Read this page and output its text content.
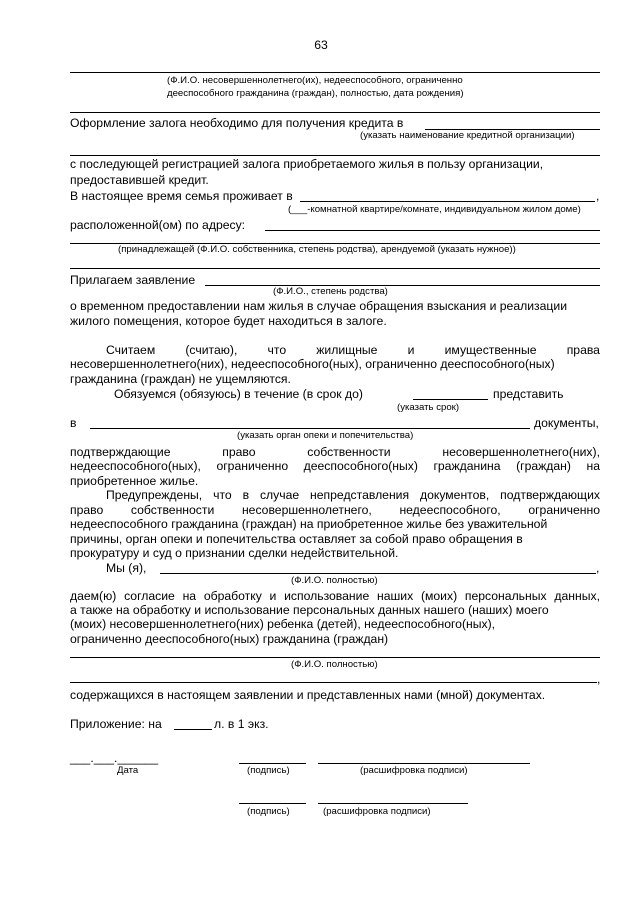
63
(Ф.И.О. несовершеннолетнего(их), недееспособного, ограниченно
дееспособного гражданина (граждан), полностью, дата рождения)
Оформление залога необходимо для получения кредита в
(указать наименование кредитной организации)
с последующей регистрацией залога приобретаемого жилья в пользу организации,
предоставившей кредит.
В настоящее время семья проживает в	,
(___-комнатной квартире/комнате, индивидуальном жилом доме)
расположенной(ом) по адресу:
(принадлежащей (Ф.И.О. собственника, степень родства), арендуемой (указать нужное))
Прилагаем заявление
(Ф.И.О., степень родства)
о временном предоставлении нам жилья в случае обращения взыскания и реализации
жилого помещения, которое будет находиться в залоге.
Считаем (считаю), что жилищные и имущественные права
несовершеннолетнего(них), недееспособного(ных), ограниченно дееспособного(ных)
гражданина (граждан) не ущемляются.
Обязуемся (обязуюсь) в течение (в срок до)	представить
(указать срок)
в	документы,
(указать орган опеки и попечительства)
подтверждающие	право	собственности	несовершеннолетнего(них),
недееспособного(ных), ограниченно дееспособного(ных) гражданина (граждан) на
приобретенное жилье.
Предупреждены, что в случае непредставления документов, подтверждающих
право собственности несовершеннолетнего, недееспособного, ограниченно
недееспособного гражданина (граждан) на приобретенное жилье без уважительной
причины, орган опеки и попечительства оставляет за собой право обращения в
прокуратуру и суд о признании сделки недействительной.
Мы (я),	,
(Ф.И.О. полностью)
даем(ю) согласие на обработку и использование наших (моих) персональных данных,
а также на обработку и использование персональных данных нашего (наших) моего
(моих) несовершеннолетнего(них) ребенка (детей), недееспособного(ных),
ограниченно дееспособного(ных) гражданина (граждан)
(Ф.И.О. полностью)
,
содержащихся в настоящем заявлении и представленных нами (мной) документах.
Приложение: на	л. в 1 экз.
___.___.______
Дата	(подпись)	(расшифровка подписи)
(подпись)	(расшифровка подписи)
